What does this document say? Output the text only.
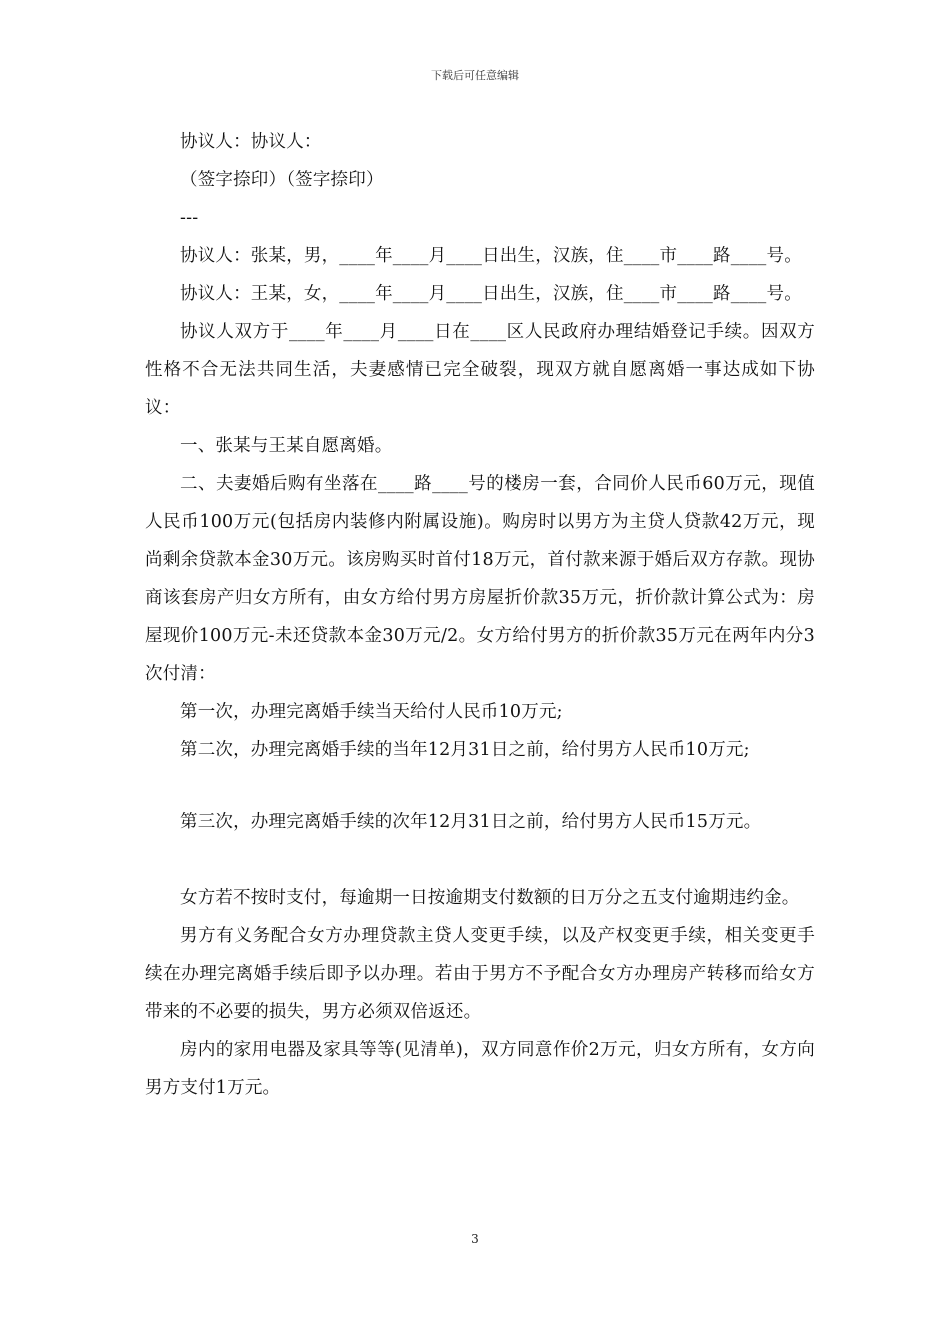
下载后可任意编辑

协议人：协议人：

（签字捺印）（签字捺印）

---

协议人：张某，男，____年____月____日出生，汉族，住____市____路____号。

协议人：王某，女，____年____月____日出生，汉族，住____市____路____号。

协议人双方于____年____月____日在____区人民政府办理结婚登记手续。因双方性格不合无法共同生活，夫妻感情已完全破裂，现双方就自愿离婚一事达成如下协议：

一、张某与王某自愿离婚。

二、夫妻婚后购有坐落在____路____号的楼房一套，合同价人民币60万元，现值人民币100万元(包括房内装修内附属设施)。购房时以男方为主贷人贷款42万元，现尚剩余贷款本金30万元。该房购买时首付18万元，首付款来源于婚后双方存款。现协商该套房产归女方所有，由女方给付男方房屋折价款35万元，折价款计算公式为：房屋现价100万元-未还贷款本金30万元/2。女方给付男方的折价款35万元在两年内分3次付清：

第一次，办理完离婚手续当天给付人民币10万元;

第二次，办理完离婚手续的当年12月31日之前，给付男方人民币10万元;

第三次，办理完离婚手续的次年12月31日之前，给付男方人民币15万元。

女方若不按时支付，每逾期一日按逾期支付数额的日万分之五支付逾期违约金。

男方有义务配合女方办理贷款主贷人变更手续，以及产权变更手续，相关变更手续在办理完离婚手续后即予以办理。若由于男方不予配合女方办理房产转移而给女方带来的不必要的损失，男方必须双倍返还。

房内的家用电器及家具等等(见清单)，双方同意作价2万元，归女方所有，女方向男方支付1万元。

3
